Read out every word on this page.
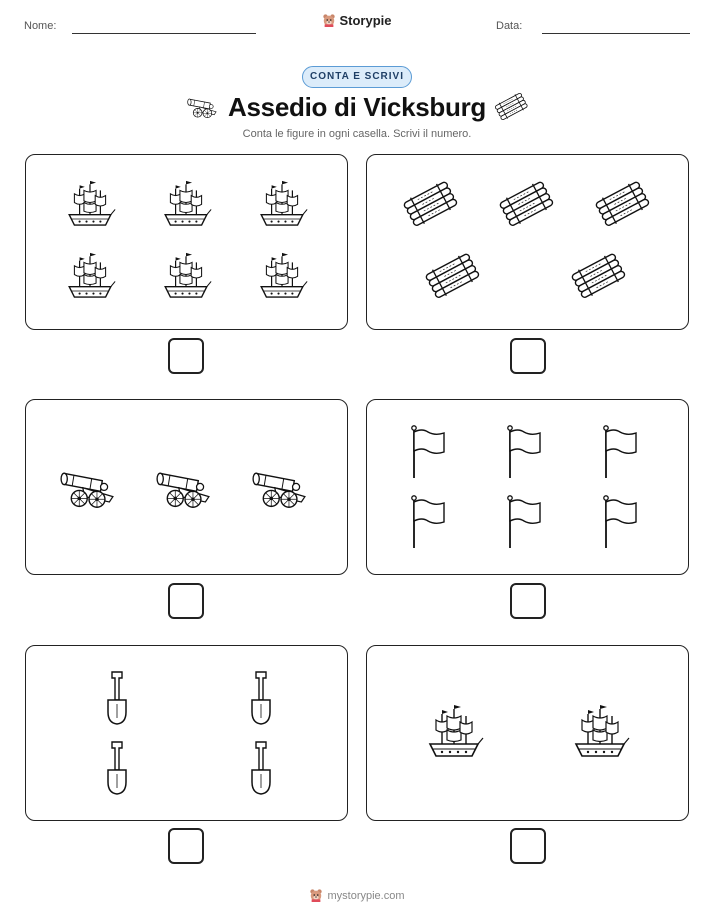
Nome:	Storypie	Data:
CONTA E SCRIVI
Assedio di Vicksburg
Conta le figure in ogni casella. Scrivi il numero.
mystorypie.com
